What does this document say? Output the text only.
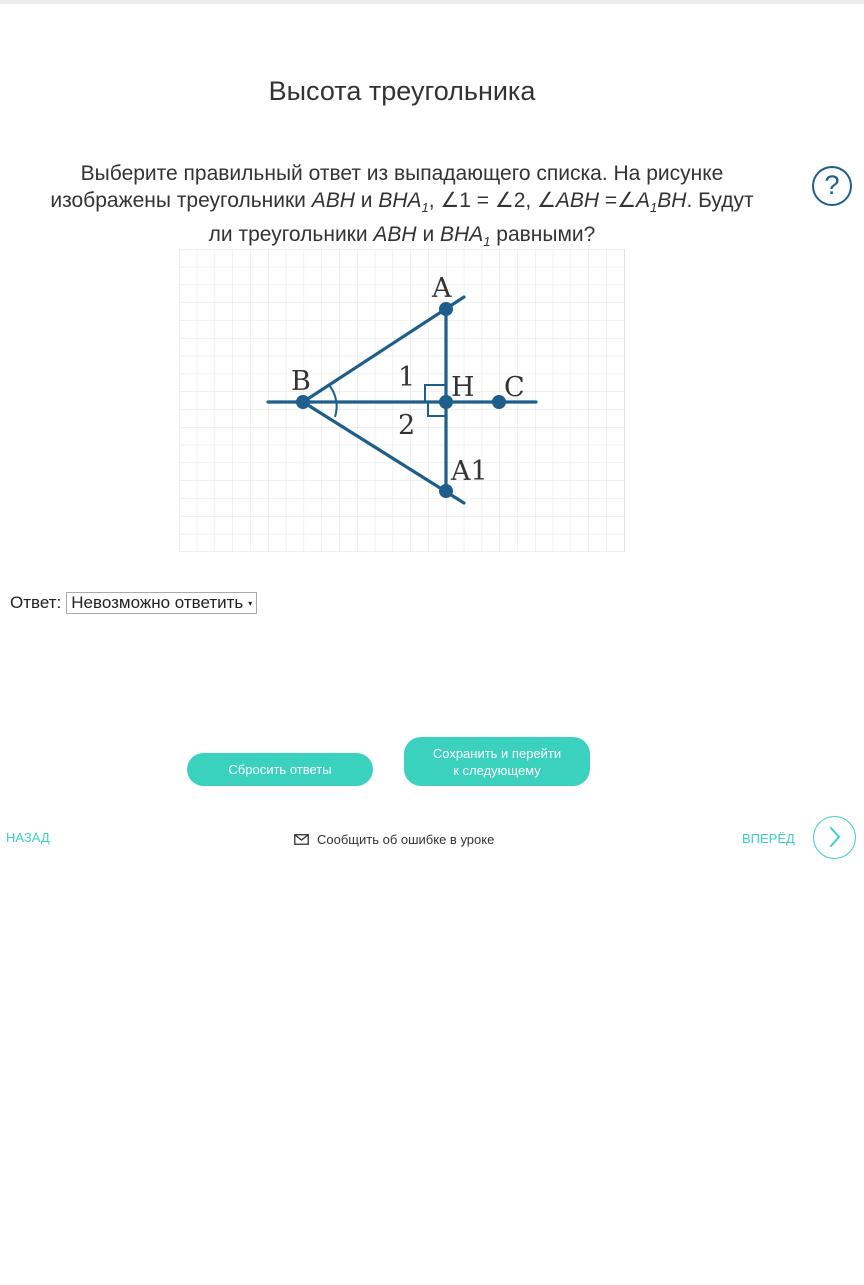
Высота треугольника
?
Выберите правильный ответ из выпадающего списка. На рисунке
изображены треугольники ABH и $BHA_1$, ∠1 = ∠2, ∠ABH $=\angle A_1BH$. Будут
ли треугольники ABH и $BHA_1$ равными?
A
B	H C
A1
1
2
Ответ: Невозможно ответить ▾
Сбросить ответы
Сохранить и перейти
к следующему
НАЗАД	Сообщить об ошибке в уроке	ВПЕРЁД
